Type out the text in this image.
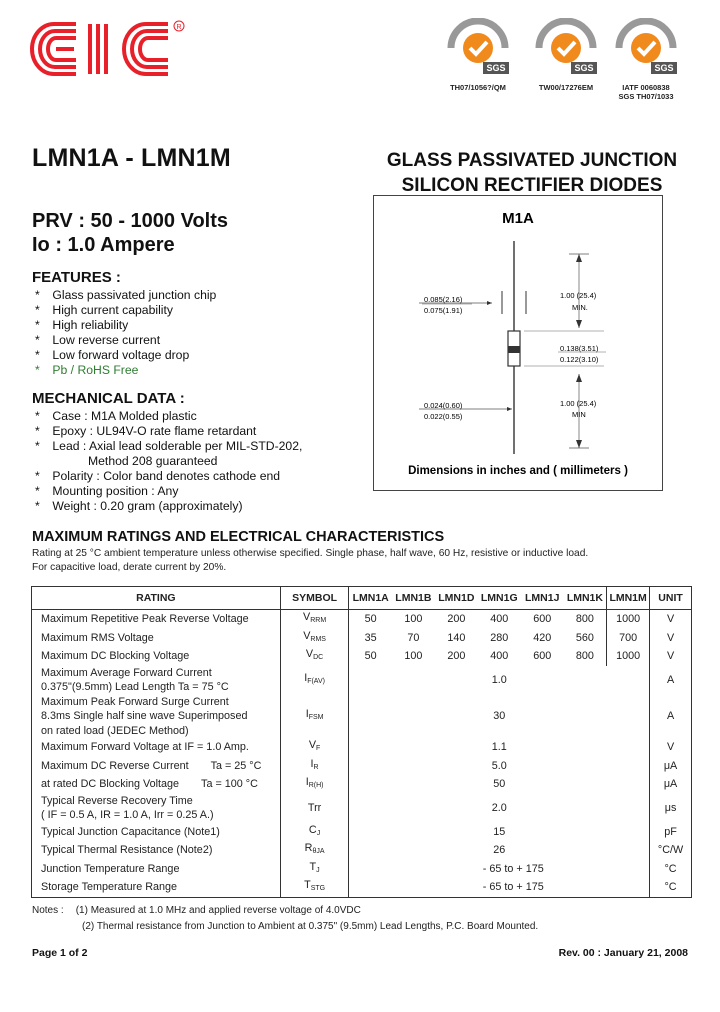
R
SGS
TH07/1056?/QM
SGS
TW00/17276EM
SGS
IATF 0060838
SGS TH07/1033
LMN1A - LMN1M	GLASS PASSIVATED JUNCTION
SILICON RECTIFIER DIODES
PRV : 50 - 1000 Volts
Io : 1.0 Ampere
FEATURES :
* Glass passivated junction chip
* High current capability
* High reliability
* Low reverse current
* Low forward voltage drop
* Pb / RoHS Free
MECHANICAL DATA :
* Case : M1A Molded plastic
* Epoxy : UL94V-O rate flame retardant
* Lead : Axial lead solderable per MIL-STD-202,
Method 208 guaranteed
* Polarity : Color band denotes cathode end
* Mounting position : Any
* Weight : 0.20 gram (approximately)
M1A
0.085(2.16)
0.075(1.91)
1.00 (25.4)
MIN.
0.138(3.51)
0.122(3.10)
0.024(0.60)
0.022(0.55)
1.00 (25.4)
MIN
Dimensions in inches and ( millimeters )
MAXIMUM RATINGS AND ELECTRICAL CHARACTERISTICS
Rating at 25 °C ambient temperature unless otherwise specified. Single phase, half wave, 60 Hz, resistive or inductive load.
For capacitive load, derate current by 20%.
RATING	SYMBOL	LMN1A	LMN1B	LMN1D	LMN1G	LMN1J	LMN1K	LMN1M	UNIT
Maximum Repetitive Peak Reverse Voltage	$V_{RRM}$	50	100	200	400	600	800	1000	V
Maximum RMS Voltage	$V_{RMS}$	35	70	140	280	420	560	700	V
Maximum DC Blocking Voltage	$V_{DC}$	50	100	200	400	600	800	1000	V

Maximum Average Forward Current
0.375"(9.5mm) Lead Length Ta = 75 °C	$I_{F(AV)}$	1.0							A

Maximum Peak Forward Surge Current
8.3ms Single half sine wave Superimposed
on rated load (JEDEC Method)	$I_{FSM}$	30							A
Maximum Forward Voltage at IF = 1.0 Amp.	$V_F$	1.1							V
Maximum DC Reverse Current Ta = 25 °C	$I_R$	5.0							μA
at rated DC Blocking Voltage Ta = 100 °C	$I_{R(H)}$	50							μA

Typical Reverse Recovery Time
( IF = 0.5 A, IR = 1.0 A, Irr = 0.25 A.)	Trr	2.0							μs
Typical Junction Capacitance (Note1)	$C_J$	15							pF
Typical Thermal Resistance (Note2)	$R_{\theta JA}$	26							°C/W
Junction Temperature Range	$T_J$	- 65 to + 175							°C
Storage Temperature Range	$T_{STG}$	- 65 to + 175							°C
Notes : (1) Measured at 1.0 MHz and applied reverse voltage of 4.0VDC
(2) Thermal resistance from Junction to Ambient at 0.375" (9.5mm) Lead Lengths, P.C. Board Mounted.
Page 1 of 2	Rev. 00 : January 21, 2008
